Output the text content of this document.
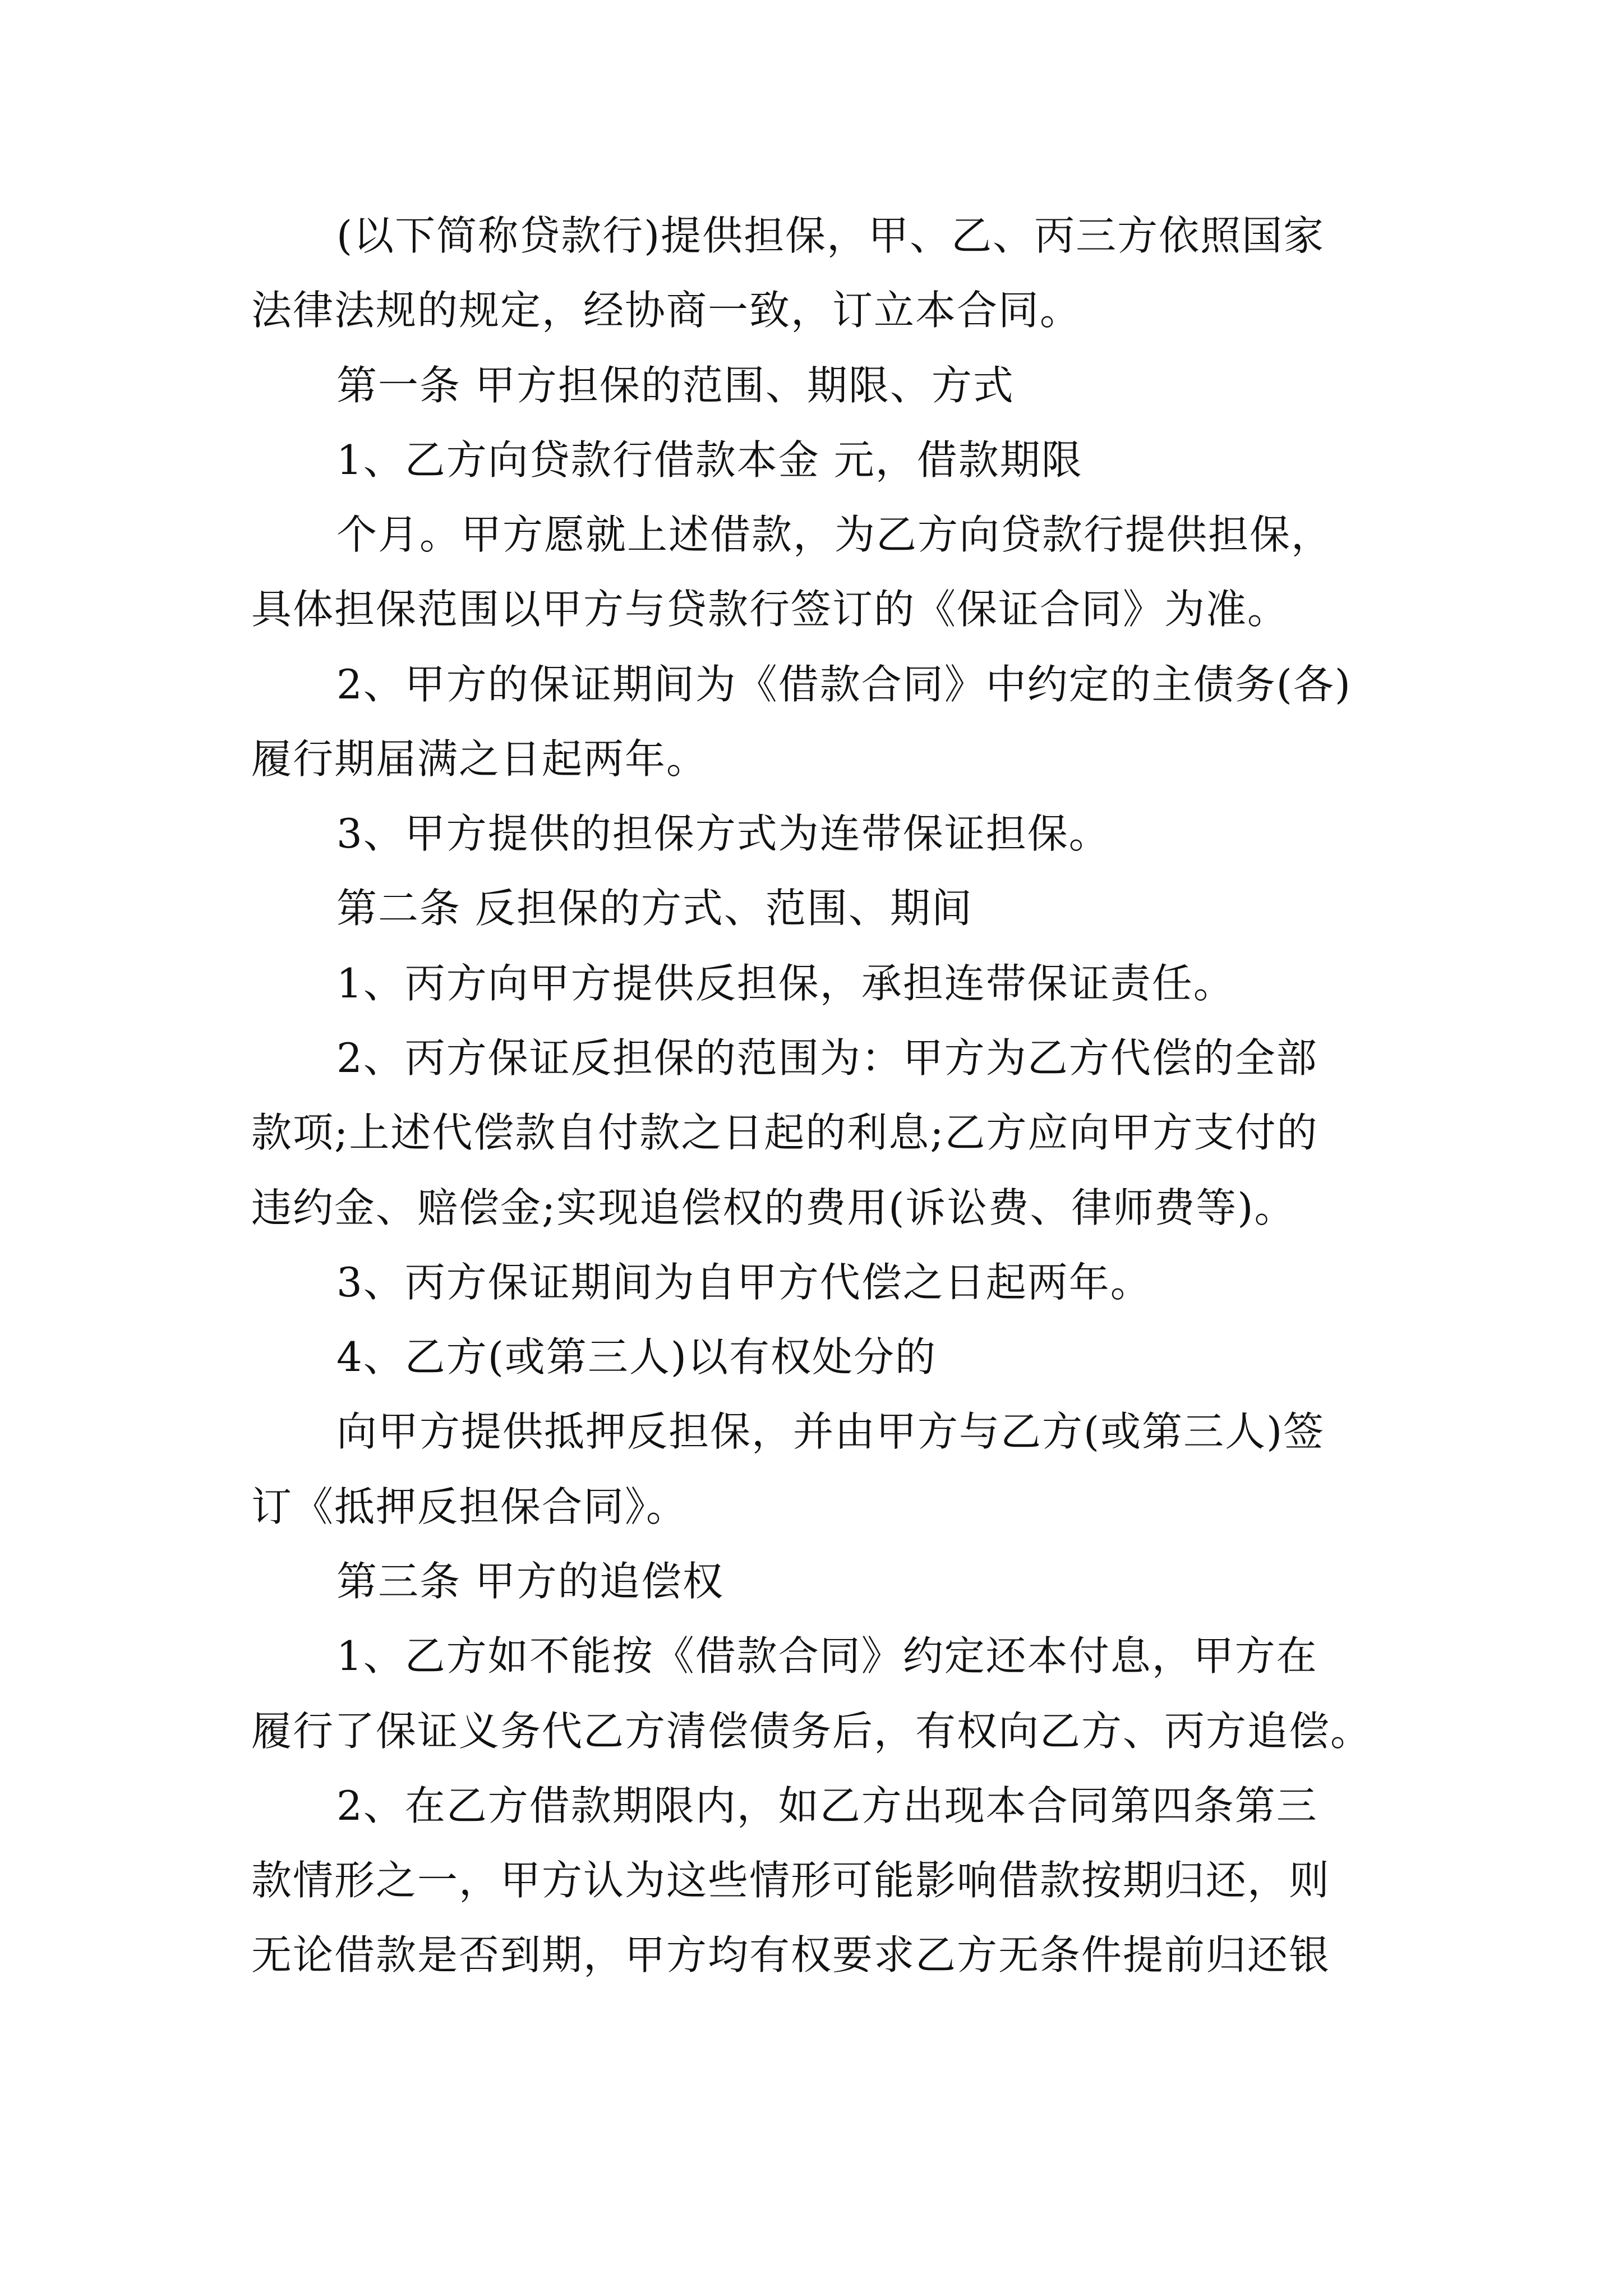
(以下简称贷款行)提供担保，甲、乙、丙三方依照国家
法律法规的规定，经协商一致，订立本合同。
第一条 甲方担保的范围、期限、方式
1、乙方向贷款行借款本金 元，借款期限
个月。甲方愿就上述借款，为乙方向贷款行提供担保，
具体担保范围以甲方与贷款行签订的《保证合同》为准。
2、甲方的保证期间为《借款合同》中约定的主债务(各)
履行期届满之日起两年。
3、甲方提供的担保方式为连带保证担保。
第二条 反担保的方式、范围、期间
1、丙方向甲方提供反担保，承担连带保证责任。
2、丙方保证反担保的范围为：甲方为乙方代偿的全部
款项;上述代偿款自付款之日起的利息;乙方应向甲方支付的
违约金、赔偿金;实现追偿权的费用(诉讼费、律师费等)。
3、丙方保证期间为自甲方代偿之日起两年。
4、乙方(或第三人)以有权处分的
向甲方提供抵押反担保，并由甲方与乙方(或第三人)签
订《抵押反担保合同》。
第三条 甲方的追偿权
1、乙方如不能按《借款合同》约定还本付息，甲方在
履行了保证义务代乙方清偿债务后，有权向乙方、丙方追偿。
2、在乙方借款期限内，如乙方出现本合同第四条第三
款情形之一，甲方认为这些情形可能影响借款按期归还，则
无论借款是否到期，甲方均有权要求乙方无条件提前归还银
